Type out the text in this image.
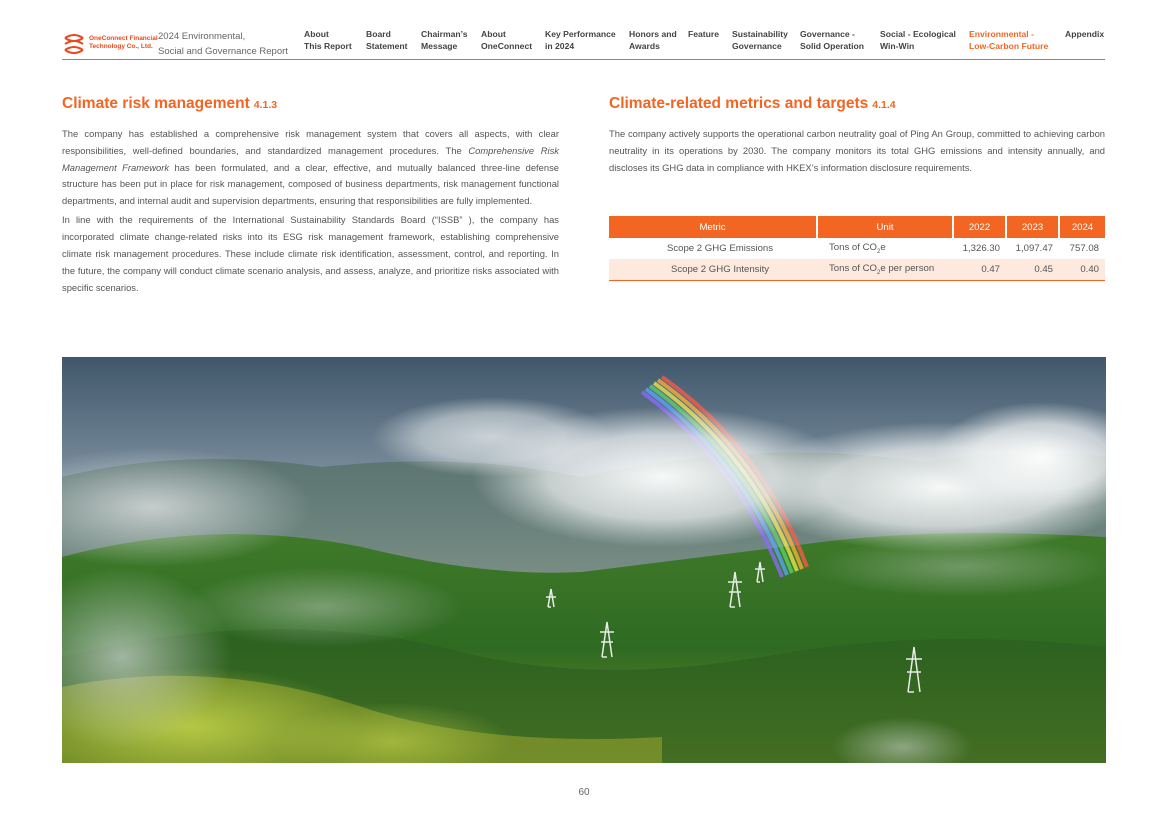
OneConnect Financial
Technology Co., Ltd.
2024 Environmental,
Social and Governance Report
About
This Report
Board
Statement
Chairman’s
Message
About
OneConnect
Key Performance
in 2024
Honors and
Awards
Feature Sustainability
Governance
Governance -
Solid Operation
Social - Ecological
Win-Win
Environmental -
Low-Carbon Future
Appendix
Climate risk management 4.1.3

The company has established a comprehensive risk management system that covers all aspects, with clear responsibilities, well-defined boundaries, and standardized management procedures. The Comprehensive Risk Management Framework has been formulated, and a clear, effective, and mutually balanced three-line defense structure has been put in place for risk management, composed of business departments, risk management functional departments, and internal audit and supervision departments, ensuring that responsibilities are fully implemented.

In line with the requirements of the International Sustainability Standards Board (“ISSB” ), the company has incorporated climate change-related risks into its ESG risk management framework, establishing comprehensive climate risk management procedures. These include climate risk identification, assessment, control, and reporting. In the future, the company will conduct climate scenario analysis, and assess, analyze, and prioritize risks associated with specific scenarios.

Climate-related metrics and targets 4.1.4

The company actively supports the operational carbon neutrality goal of Ping An Group, committed to achieving carbon neutrality in its operations by 2030. The company monitors its total GHG emissions and intensity annually, and discloses its GHG data in compliance with HKEX’s information disclosure requirements.

Metric	Unit	2022	2023	2024
Scope 2 GHG Emissions	Tons of $CO_2e$	1,326.30	1,097.47	757.08
Scope 2 GHG Intensity	Tons of $CO_2e$ per person	0.47	0.45	0.40
60
